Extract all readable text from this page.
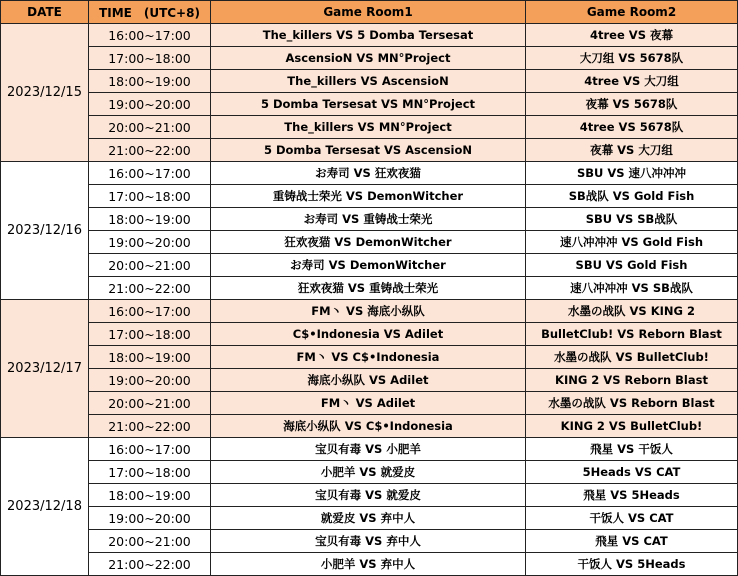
DATE	TIME　(UTC+8)	Game Room1	Game Room2
2023/12/15	16:00~17:00	The_killers VS 5 Domba Tersesat	4tree VS 夜幕
	17:00~18:00	AscensioN VS MN°Project	大刀组 VS 5678队
	18:00~19:00	The_killers VS AscensioN	4tree VS 大刀组
	19:00~20:00	5 Domba Tersesat VS MN°Project	夜幕 VS 5678队
	20:00~21:00	The_killers VS MN°Project	4tree VS 5678队
	21:00~22:00	5 Domba Tersesat VS AscensioN	夜幕 VS 大刀组
2023/12/16	16:00~17:00	お寿司 VS 狂欢夜猫	SBU VS 速八冲冲冲
	17:00~18:00	重铸战士荣光 VS DemonWitcher	SB战队 VS Gold Fish
	18:00~19:00	お寿司 VS 重铸战士荣光	SBU VS SB战队
	19:00~20:00	狂欢夜猫 VS DemonWitcher	速八冲冲冲 VS Gold Fish
	20:00~21:00	お寿司 VS DemonWitcher	SBU VS Gold Fish
	21:00~22:00	狂欢夜猫 VS 重铸战士荣光	速八冲冲冲 VS SB战队
2023/12/17	16:00~17:00	FM丶 VS 海底小纵队	水墨の战队 VS KING 2
	17:00~18:00	C$•Indonesia VS Adilet	BulletClub! VS Reborn Blast
	18:00~19:00	FM丶 VS C$•Indonesia	水墨の战队 VS BulletClub!
	19:00~20:00	海底小纵队 VS Adilet	KING 2 VS Reborn Blast
	20:00~21:00	FM丶 VS Adilet	水墨の战队 VS Reborn Blast
	21:00~22:00	海底小纵队 VS C$•Indonesia	KING 2 VS BulletClub!
2023/12/18	16:00~17:00	宝贝有毒 VS 小肥羊	飛星 VS 干饭人
	17:00~18:00	小肥羊 VS 就爱皮	5Heads VS CAT
	18:00~19:00	宝贝有毒 VS 就爱皮	飛星 VS 5Heads
	19:00~20:00	就爱皮 VS 弃中人	干饭人 VS CAT
	20:00~21:00	宝贝有毒 VS 弃中人	飛星 VS CAT
	21:00~22:00	小肥羊 VS 弃中人	干饭人 VS 5Heads
